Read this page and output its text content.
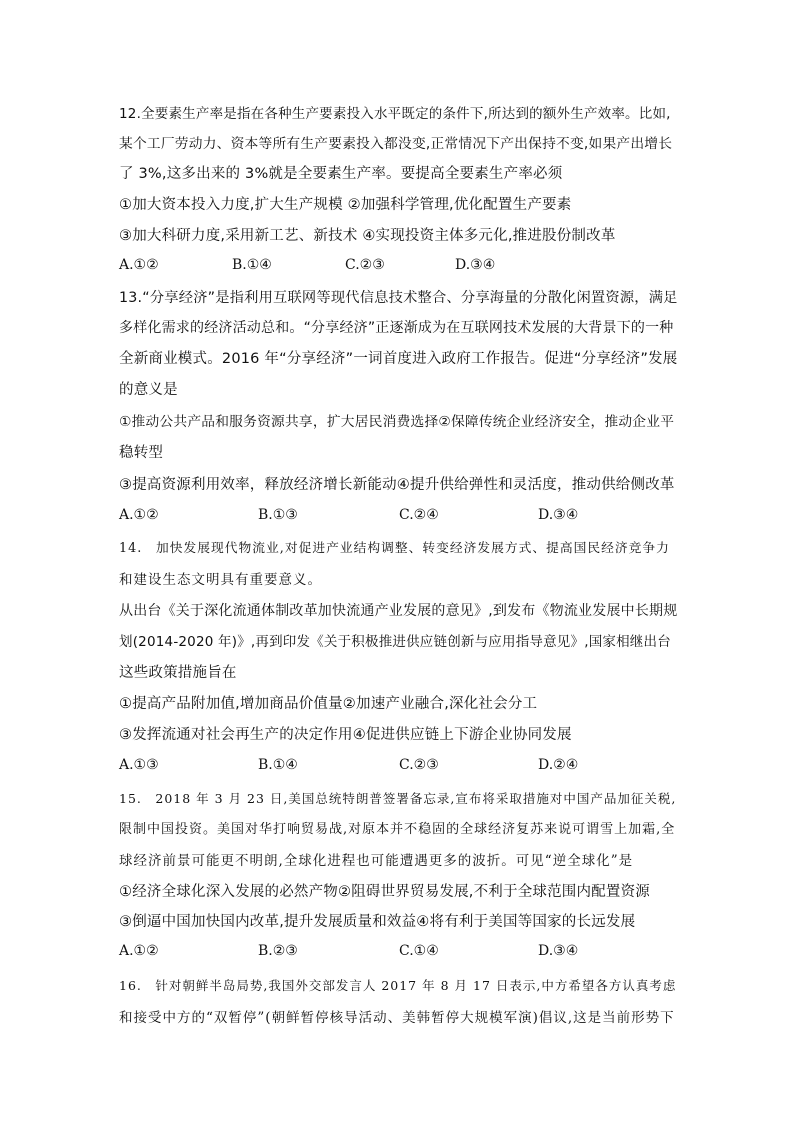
12.全要素生产率是指在各种生产要素投入水平既定的条件下,所达到的额外生产效率。比如,
某个工厂劳动力、资本等所有生产要素投入都没变,正常情况下产出保持不变,如果产出增长
了 3%,这多出来的 3%就是全要素生产率。要提高全要素生产率必须
①加大资本投入力度,扩大生产规模 ②加强科学管理,优化配置生产要素
③加大科研力度,采用新工艺、新技术 ④实现投资主体多元化,推进股份制改革
A.①②	B.①④	C.②③	D.③④
13.“分享经济”是指利用互联网等现代信息技术整合、分享海量的分散化闲置资源，满足
多样化需求的经济活动总和。“分享经济”正逐渐成为在互联网技术发展的大背景下的一种
全新商业模式。2016 年“分享经济”一词首度进入政府工作报告。促进“分享经济”发展
的意义是
①推动公共产品和服务资源共享，扩大居民消费选择②保障传统企业经济安全，推动企业平
稳转型
③提高资源利用效率，释放经济增长新能动④提升供给弹性和灵活度，推动供给侧改革
A.①②	B.①③	C.②④	D.③④
14.　加快发展现代物流业,对促进产业结构调整、转变经济发展方式、提高国民经济竞争力
和建设生态文明具有重要意义。
从出台《关于深化流通体制改革加快流通产业发展的意见》,到发布《物流业发展中长期规
划(2014-2020 年)》,再到印发《关于积极推进供应链创新与应用指导意见》,国家相继出台
这些政策措施旨在
①提高产品附加值,增加商品价值量②加速产业融合,深化社会分工
③发挥流通对社会再生产的决定作用④促进供应链上下游企业协同发展
A.①③	B.①④	C.②③	D.②④
15.　2018 年 3 月 23 日,美国总统特朗普签署备忘录,宣布将采取措施对中国产品加征关税,
限制中国投资。美国对华打响贸易战,对原本并不稳固的全球经济复苏来说可谓雪上加霜,全
球经济前景可能更不明朗,全球化进程也可能遭遇更多的波折。可见“逆全球化”是
①经济全球化深入发展的必然产物②阻碍世界贸易发展,不利于全球范围内配置资源
③倒逼中国加快国内改革,提升发展质量和效益④将有利于美国等国家的长远发展
A.①②	B.②③	C.①④	D.③④
16.　针对朝鲜半岛局势,我国外交部发言人 2017 年 8 月 17 日表示,中方希望各方认真考虑
和接受中方的“双暂停”(朝鲜暂停核导活动、美韩暂停大规模军演)倡议,这是当前形势下
